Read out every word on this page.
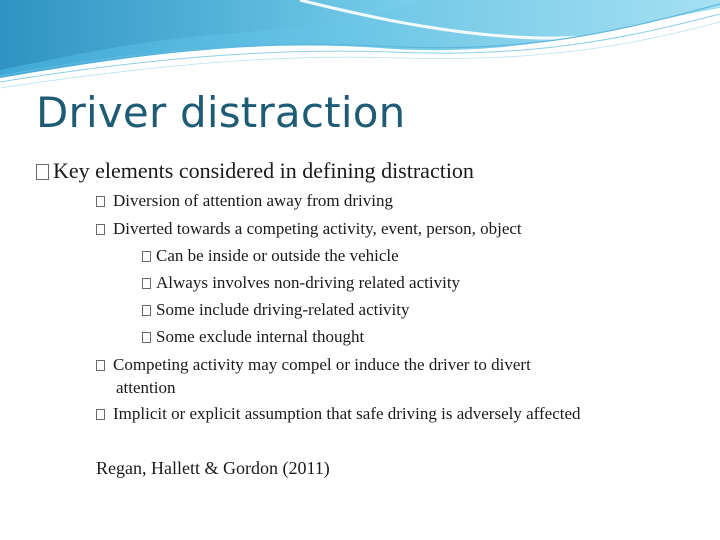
Driver distraction
Key elements considered in defining distraction
Diversion of attention away from driving
Diverted towards a competing activity, event, person, object
Can be inside or outside the vehicle
Always involves non-driving related activity
Some include driving-related activity
Some exclude internal thought
Competing activity may compel or induce the driver to divert
attention
Implicit or explicit assumption that safe driving is adversely affected
Regan, Hallett & Gordon (2011)
